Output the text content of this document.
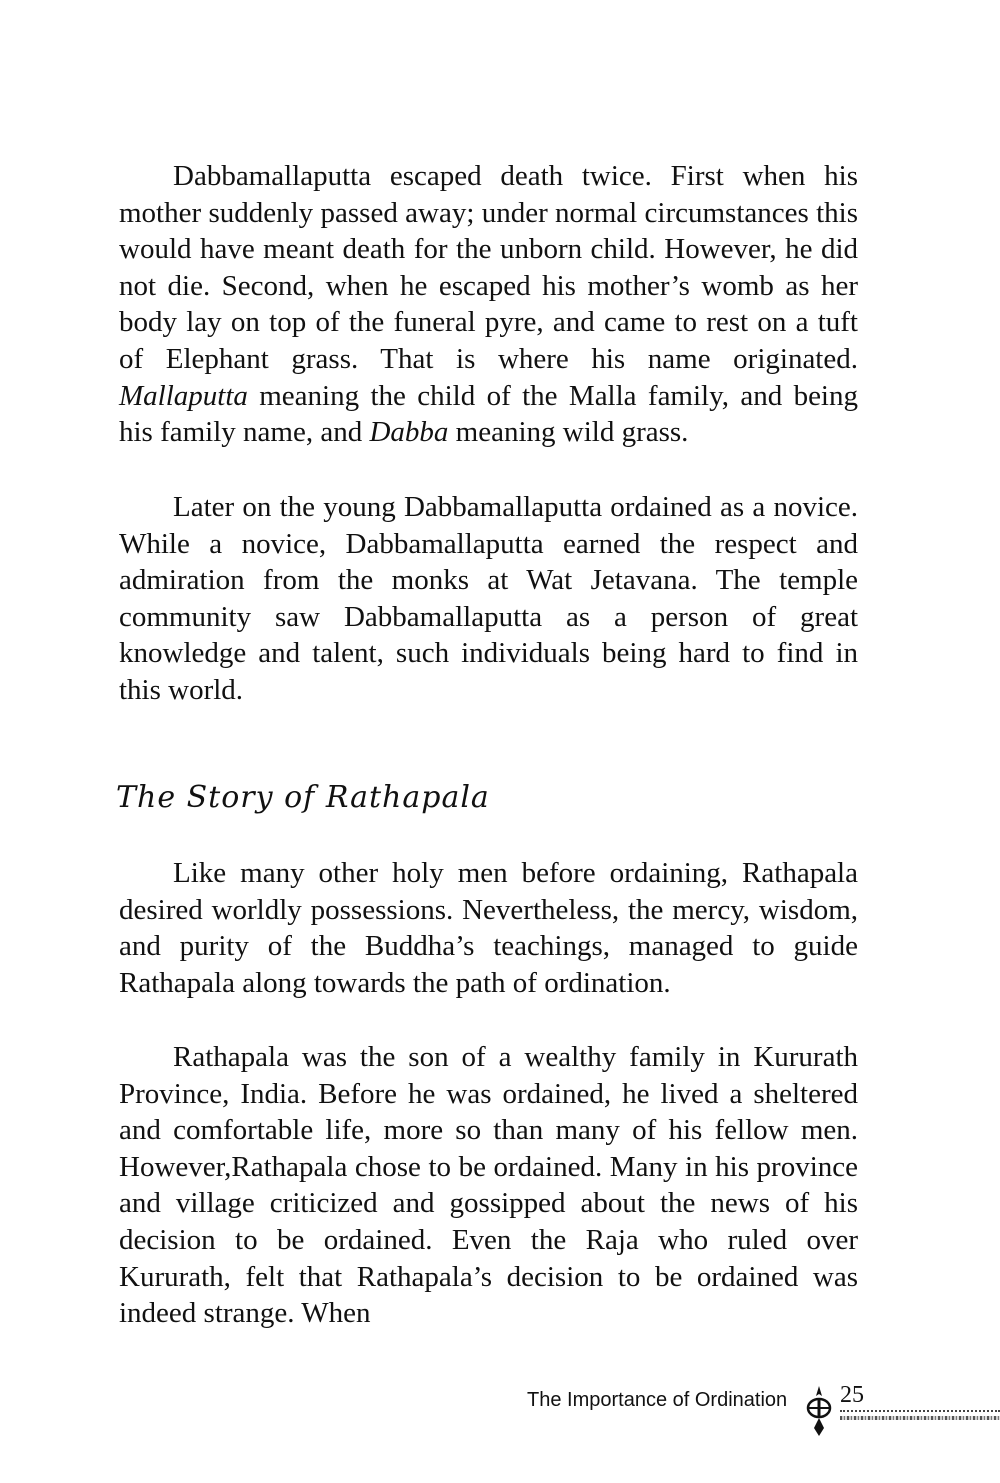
Dabbamallaputta escaped death twice. First when his mother suddenly passed away; under normal circumstances this would have meant death for the unborn child. However, he did not die. Second, when he escaped his mother’s womb as her body lay on top of the funeral pyre, and came to rest on a tuft of Elephant grass. That is where his name originated. Mallaputta meaning the child of the Malla family, and being his family name, and Dabba meaning wild grass.

Later on the young Dabbamallaputta ordained as a novice. While a novice, Dabbamallaputta earned the respect and admiration from the monks at Wat Jetavana. The temple community saw Dabbamallaputta as a person of great knowledge and talent, such individuals being hard to find in this world.

The Story of Rathapala

Like many other holy men before ordaining, Rathapala desired worldly possessions. Nevertheless, the mercy, wisdom, and purity of the Buddha’s teachings, managed to guide Rathapala along towards the path of ordination.

Rathapala was the son of a wealthy family in Kururath Province, India. Before he was ordained, he lived a sheltered and comfortable life, more so than many of his fellow men. However,Rathapala chose to be ordained. Many in his province and village criticized and gossipped about the news of his decision to be ordained. Even the Raja who ruled over Kururath, felt that Rathapala’s decision to be ordained was indeed strange. When

The Importance of Ordination 25
